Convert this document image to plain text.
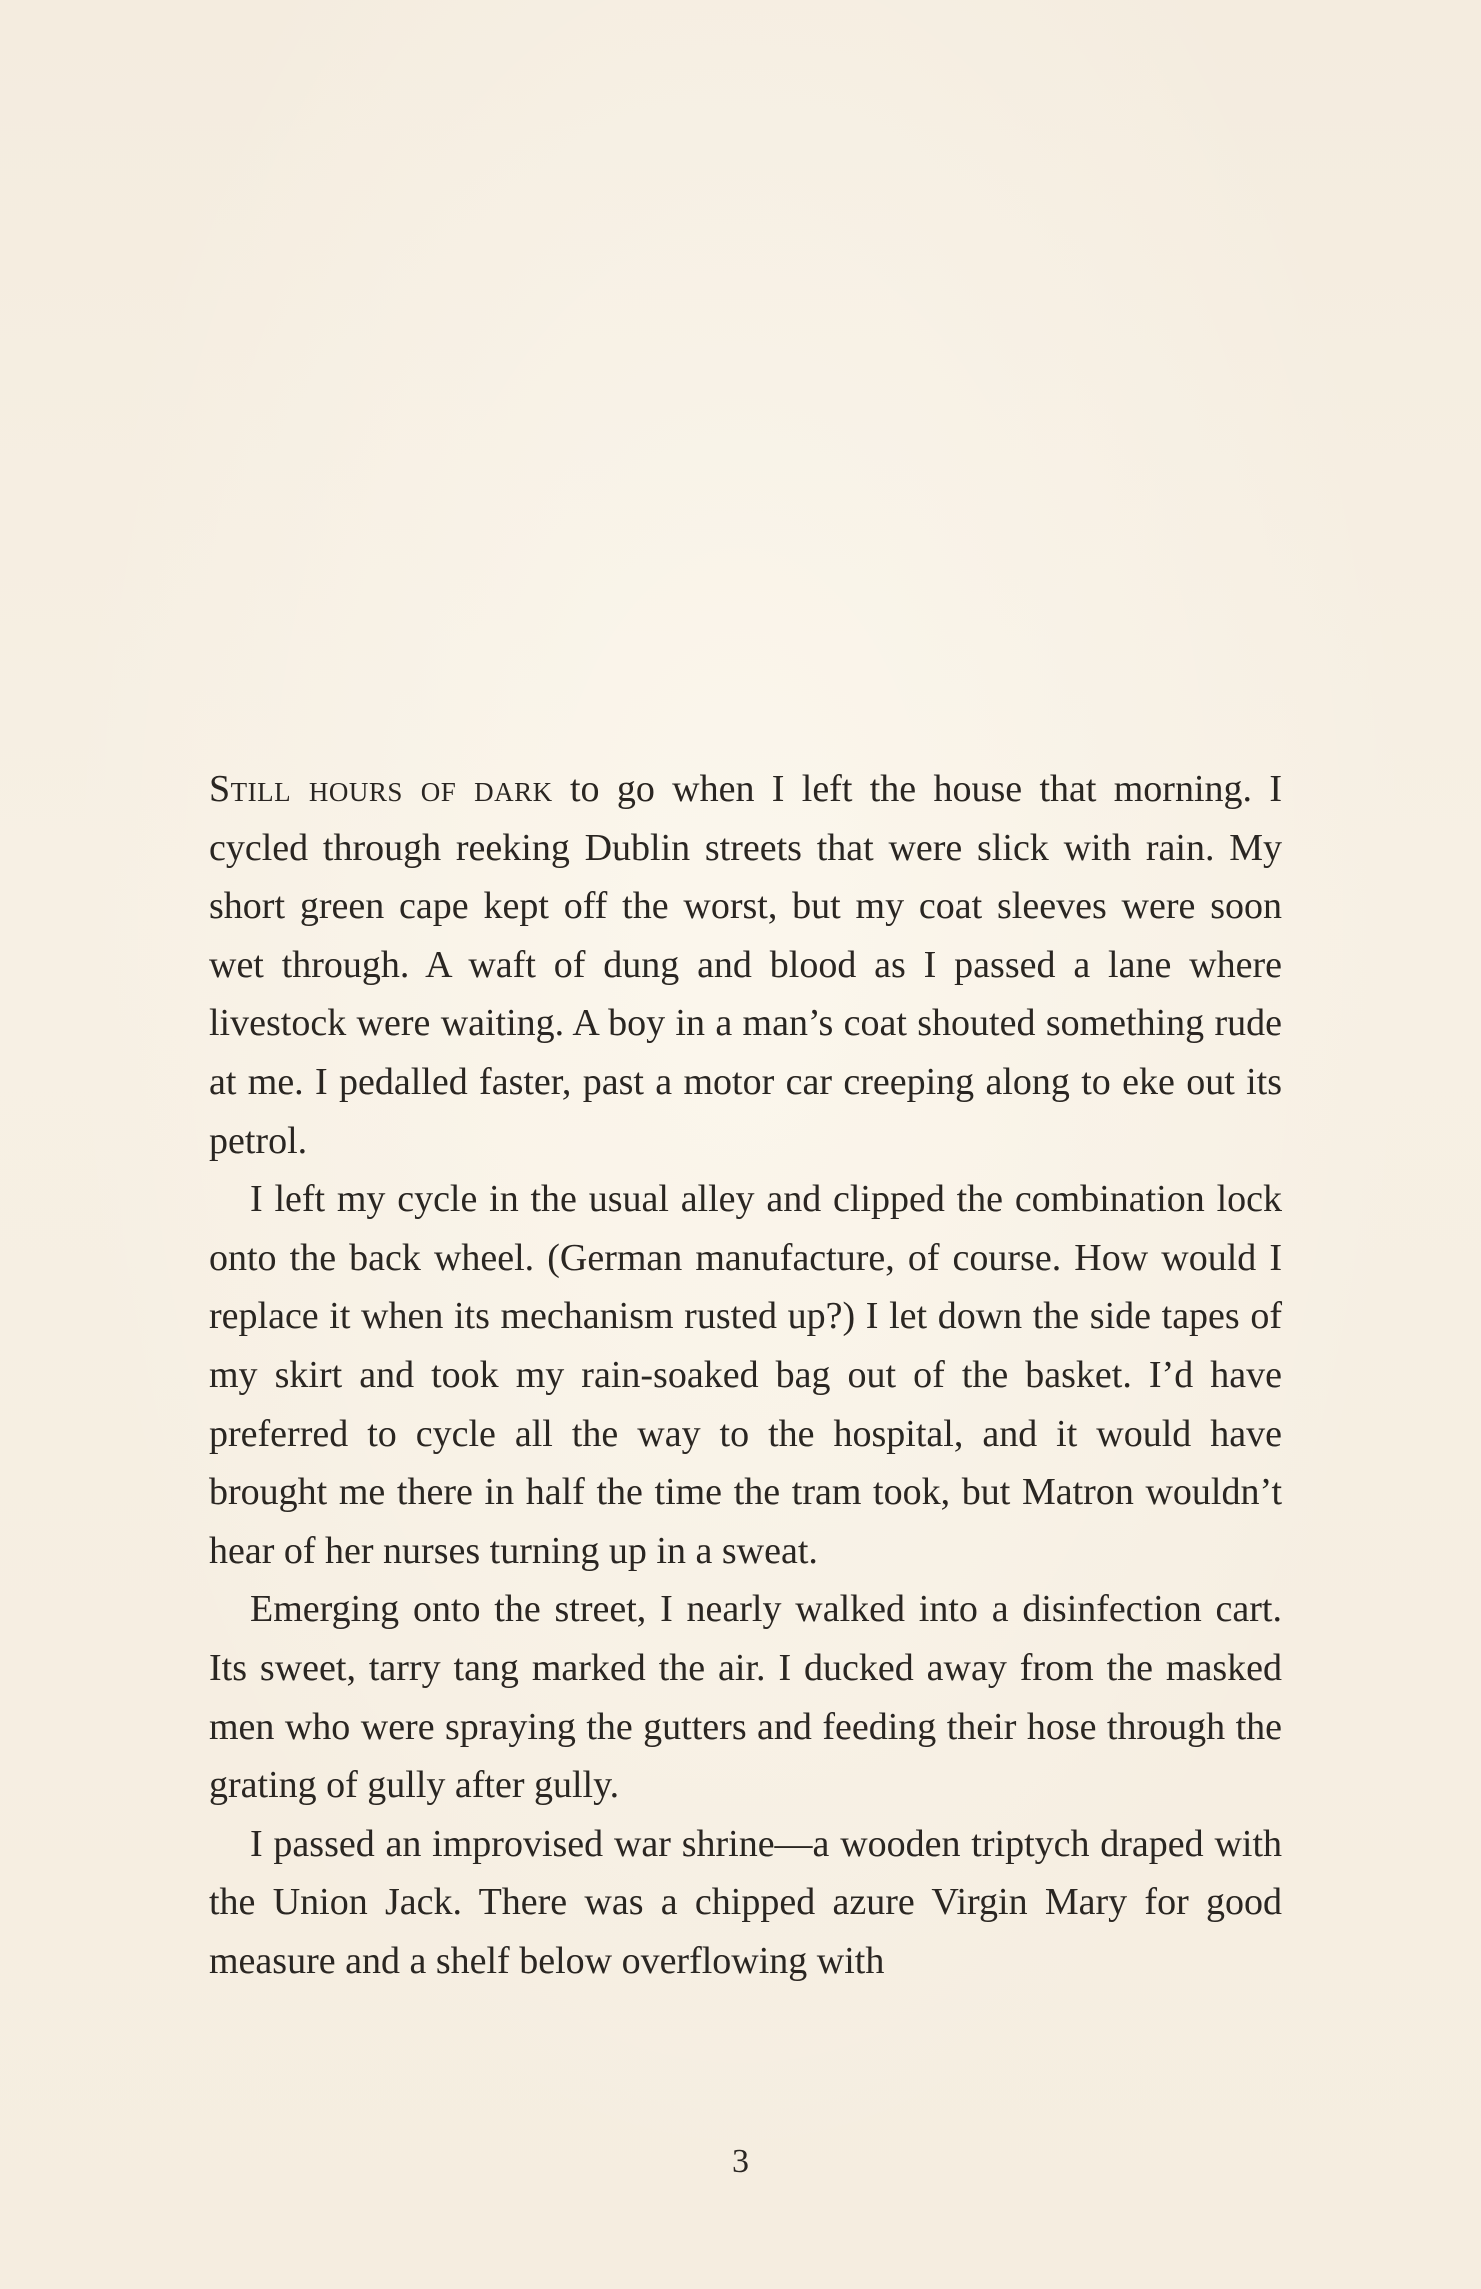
Still hours of dark to go when I left the house that morning. I cycled through reeking Dublin streets that were slick with rain. My short green cape kept off the worst, but my coat sleeves were soon wet through. A waft of dung and blood as I passed a lane where livestock were waiting. A boy in a man’s coat shouted something rude at me. I pedalled faster, past a motor car creeping along to eke out its petrol.

I left my cycle in the usual alley and clipped the combination lock onto the back wheel. (German manufacture, of course. How would I replace it when its mechanism rusted up?) I let down the side tapes of my skirt and took my rain-soaked bag out of the basket. I’d have preferred to cycle all the way to the hospital, and it would have brought me there in half the time the tram took, but Matron wouldn’t hear of her nurses turning up in a sweat.

Emerging onto the street, I nearly walked into a disinfection cart. Its sweet, tarry tang marked the air. I ducked away from the masked men who were spraying the gutters and feeding their hose through the grating of gully after gully.

I passed an improvised war shrine—a wooden triptych draped with the Union Jack. There was a chipped azure Virgin Mary for good measure and a shelf below overflowing with

3
